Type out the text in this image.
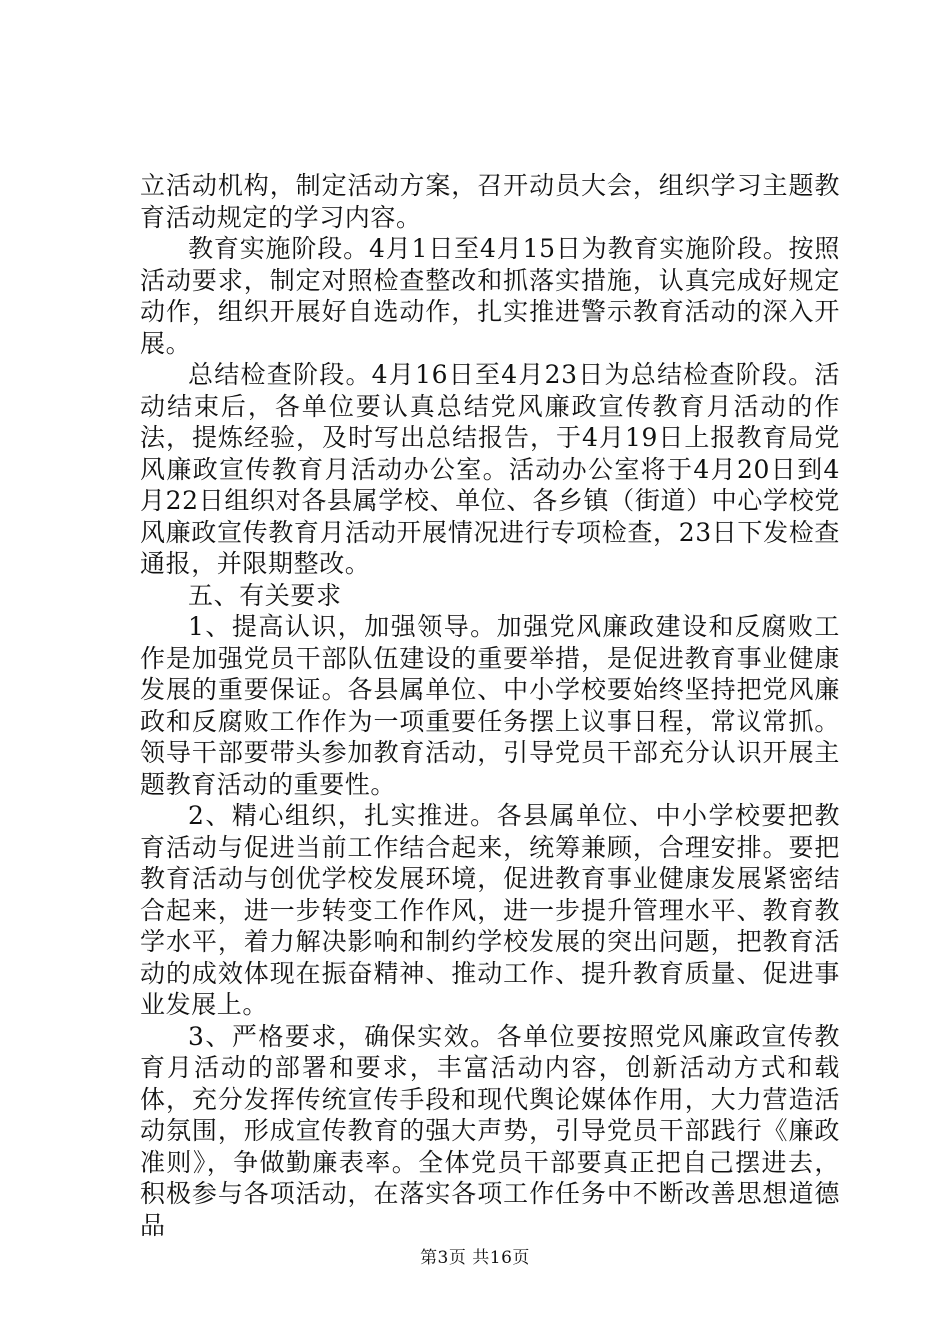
立活动机构，制定活动方案，召开动员大会，组织学习主题教育活动规定的学习内容。

教育实施阶段。4月1日至4月15日为教育实施阶段。按照活动要求，制定对照检查整改和抓落实措施，认真完成好规定动作，组织开展好自选动作，扎实推进警示教育活动的深入开展。

总结检查阶段。4月16日至4月23日为总结检查阶段。活动结束后，各单位要认真总结党风廉政宣传教育月活动的作法，提炼经验，及时写出总结报告，于4月19日上报教育局党风廉政宣传教育月活动办公室。活动办公室将于4月20日到4月22日组织对各县属学校、单位、各乡镇（街道）中心学校党风廉政宣传教育月活动开展情况进行专项检查，23日下发检查通报，并限期整改。

五、有关要求

1、提高认识，加强领导。加强党风廉政建设和反腐败工作是加强党员干部队伍建设的重要举措，是促进教育事业健康发展的重要保证。各县属单位、中小学校要始终坚持把党风廉政和反腐败工作作为一项重要任务摆上议事日程，常议常抓。领导干部要带头参加教育活动，引导党员干部充分认识开展主题教育活动的重要性。

2、精心组织，扎实推进。各县属单位、中小学校要把教育活动与促进当前工作结合起来，统筹兼顾，合理安排。要把教育活动与创优学校发展环境，促进教育事业健康发展紧密结合起来，进一步转变工作作风，进一步提升管理水平、教育教学水平，着力解决影响和制约学校发展的突出问题，把教育活动的成效体现在振奋精神、推动工作、提升教育质量、促进事业发展上。

3、严格要求，确保实效。各单位要按照党风廉政宣传教育月活动的部署和要求，丰富活动内容，创新活动方式和载体，充分发挥传统宣传手段和现代舆论媒体作用，大力营造活动氛围，形成宣传教育的强大声势，引导党员干部践行《廉政准则》，争做勤廉表率。全体党员干部要真正把自己摆进去，积极参与各项活动，在落实各项工作任务中不断改善思想道德品

第3页 共16页
